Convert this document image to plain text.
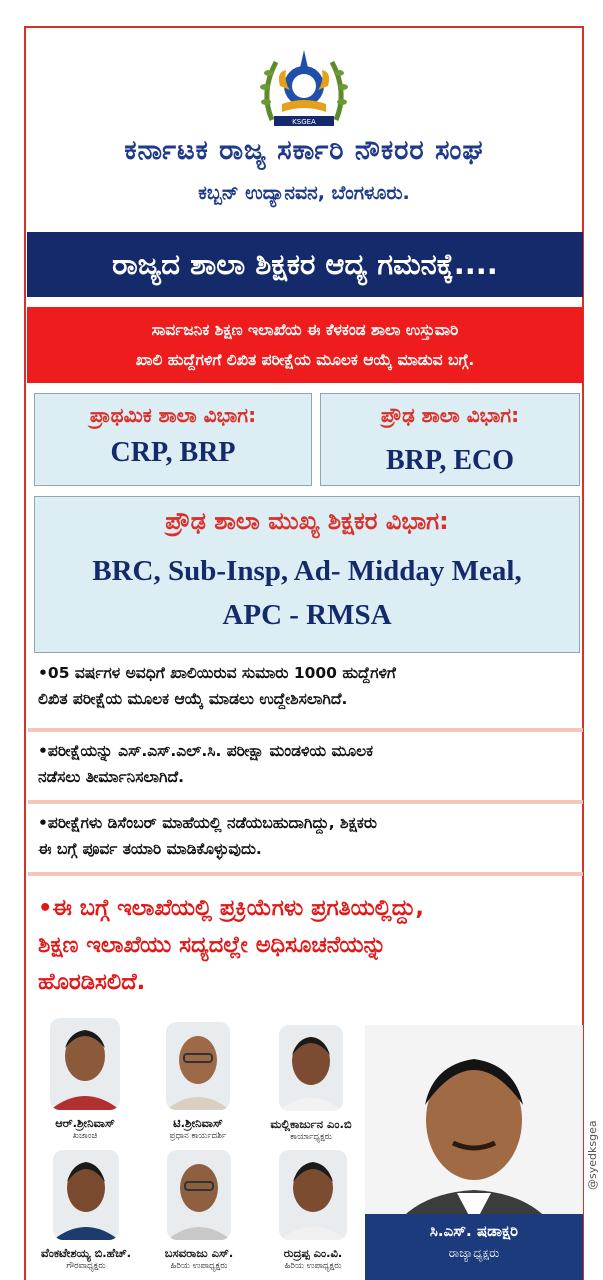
KSGEA
ಕರ್ನಾಟಕ ರಾಜ್ಯ ಸರ್ಕಾರಿ ನೌಕರರ ಸಂಘ
ಕಬ್ಬನ್ ಉದ್ಯಾನವನ, ಬೆಂಗಳೂರು.
ರಾಜ್ಯದ ಶಾಲಾ ಶಿಕ್ಷಕರ ಆದ್ಯ ಗಮನಕ್ಕೆ....
ಸಾರ್ವಜನಿಕ ಶಿಕ್ಷಣ ಇಲಾಖೆಯ ಈ ಕೆಳಕಂಡ ಶಾಲಾ ಉಸ್ತುವಾರಿ
ಖಾಲಿ ಹುದ್ದೆಗಳಿಗೆ ಲಿಖಿತ ಪರೀಕ್ಷೆಯ ಮೂಲಕ ಆಯ್ಕೆ ಮಾಡುವ ಬಗ್ಗೆ.
ಪ್ರಾಥಮಿಕ ಶಾಲಾ ವಿಭಾಗ:
CRP, BRP
ಪ್ರೌಢ ಶಾಲಾ ವಿಭಾಗ:
BRP, ECO
ಪ್ರೌಢ ಶಾಲಾ ಮುಖ್ಯ ಶಿಕ್ಷಕರ ವಿಭಾಗ:
BRC, Sub-Insp, Ad- Midday Meal,
APC - RMSA
•05 ವರ್ಷಗಳ ಅವಧಿಗೆ ಖಾಲಿಯಿರುವ ಸುಮಾರು 1000 ಹುದ್ದೆಗಳಿಗೆ
ಲಿಖಿತ ಪರೀಕ್ಷೆಯ ಮೂಲಕ ಆಯ್ಕೆ ಮಾಡಲು ಉದ್ದೇಶಿಸಲಾಗಿದೆ.
•ಪರೀಕ್ಷೆಯನ್ನು ಎಸ್.ಎಸ್.ಎಲ್.ಸಿ. ಪರೀಕ್ಷಾ ಮಂಡಳಿಯ ಮೂಲಕ
ನಡೆಸಲು ತೀರ್ಮಾನಿಸಲಾಗಿದೆ.
•ಪರೀಕ್ಷೆಗಳು ಡಿಸೆಂಬರ್ ಮಾಹೆಯಲ್ಲಿ ನಡೆಯಬಹುದಾಗಿದ್ದು, ಶಿಕ್ಷಕರು
ಈ ಬಗ್ಗೆ ಪೂರ್ವ ತಯಾರಿ ಮಾಡಿಕೊಳ್ಳುವುದು.
•ಈ ಬಗ್ಗೆ ಇಲಾಖೆಯಲ್ಲಿ ಪ್ರಕ್ರಿಯೆಗಳು ಪ್ರಗತಿಯಲ್ಲಿದ್ದು,
ಶಿಕ್ಷಣ ಇಲಾಖೆಯು ಸದ್ಯದಲ್ಲೇ ಅಧಿಸೂಚನೆಯನ್ನು
ಹೊರಡಿಸಲಿದೆ.
ಆರ್.ಶ್ರೀನಿವಾಸ್
ಖಜಾಂಚಿ
ಟಿ.ಶ್ರೀನಿವಾಸ್
ಪ್ರಧಾನ ಕಾರ್ಯದರ್ಶಿ
ಮಲ್ಲಿಕಾರ್ಜುನ ಎಂ.ಬಿ
ಕಾರ್ಯಾಧ್ಯಕ್ಷರು
ವೆಂಕಟೇಶಯ್ಯ ಬಿ.ಹೆಚ್.
ಗೌರವಾಧ್ಯಕ್ಷರು
ಬಸವರಾಜು ಎಸ್.
ಹಿರಿಯ ಉಪಾಧ್ಯಕ್ಷರು
ರುದ್ರಪ್ಪ ಎಂ.ವಿ.
ಹಿರಿಯ ಉಪಾಧ್ಯಕ್ಷರು
ಸಿ.ಎಸ್. ಷಡಾಕ್ಷರಿ
ರಾಜ್ಯಾಧ್ಯಕ್ಷರು
@syedksgea
